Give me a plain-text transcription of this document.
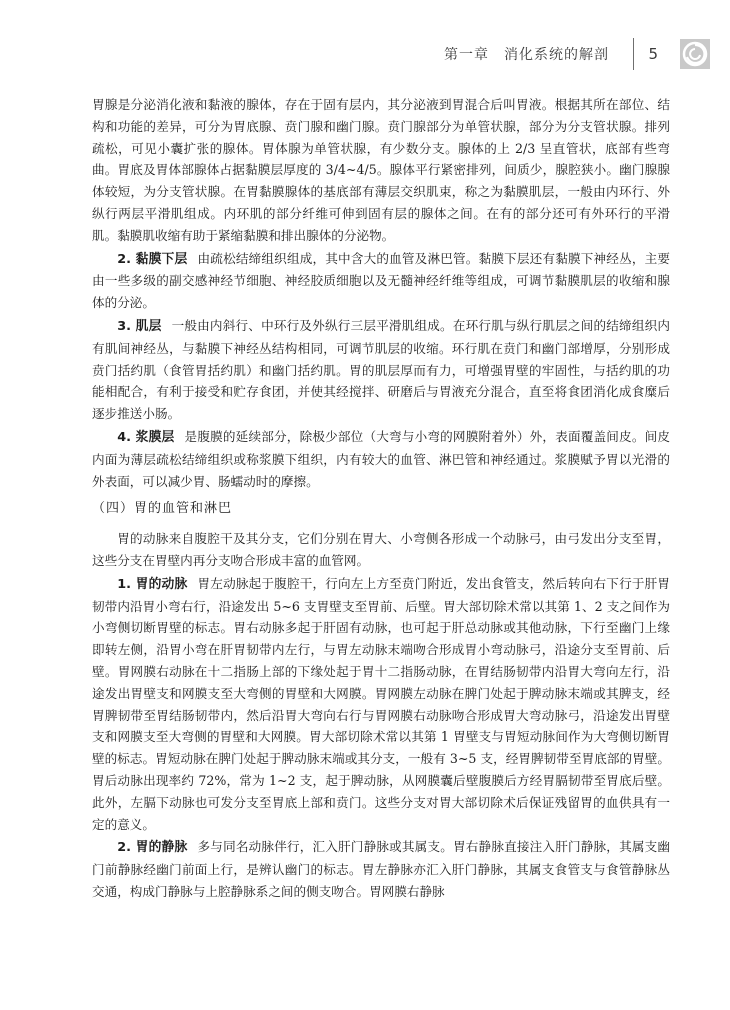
第一章　消化系统的解剖	5

胃腺是分泌消化液和黏液的腺体，存在于固有层内，其分泌液到胃混合后叫胃液。根据其所在部位、结构和功能的差异，可分为胃底腺、贲门腺和幽门腺。贲门腺部分为单管状腺，部分为分支管状腺。排列疏松，可见小囊扩张的腺体。胃体腺为单管状腺，有少数分支。腺体的上 2/3 呈直管状，底部有些弯曲。胃底及胃体部腺体占据黏膜层厚度的 3/4~4/5。腺体平行紧密排列，间质少，腺腔狭小。幽门腺腺体较短，为分支管状腺。在胃黏膜腺体的基底部有薄层交织肌束，称之为黏膜肌层，一般由内环行、外纵行两层平滑肌组成。内环肌的部分纤维可伸到固有层的腺体之间。在有的部分还可有外环行的平滑肌。黏膜肌收缩有助于紧缩黏膜和排出腺体的分泌物。

2. 黏膜下层 由疏松结缔组织组成，其中含大的血管及淋巴管。黏膜下层还有黏膜下神经丛，主要由一些多级的副交感神经节细胞、神经胶质细胞以及无髓神经纤维等组成，可调节黏膜肌层的收缩和腺体的分泌。

3. 肌层 一般由内斜行、中环行及外纵行三层平滑肌组成。在环行肌与纵行肌层之间的结缔组织内有肌间神经丛，与黏膜下神经丛结构相同，可调节肌层的收缩。环行肌在贲门和幽门部增厚，分别形成贲门括约肌（食管胃括约肌）和幽门括约肌。胃的肌层厚而有力，可增强胃壁的牢固性，与括约肌的功能相配合，有利于接受和贮存食团，并使其经搅拌、研磨后与胃液充分混合，直至将食团消化成食糜后逐步推送小肠。

4. 浆膜层 是腹膜的延续部分，除极少部位（大弯与小弯的网膜附着外）外，表面覆盖间皮。间皮内面为薄层疏松结缔组织或称浆膜下组织，内有较大的血管、淋巴管和神经通过。浆膜赋予胃以光滑的外表面，可以减少胃、肠蠕动时的摩擦。

（四）胃的血管和淋巴

胃的动脉来自腹腔干及其分支，它们分别在胃大、小弯侧各形成一个动脉弓，由弓发出分支至胃，这些分支在胃壁内再分支吻合形成丰富的血管网。

1. 胃的动脉 胃左动脉起于腹腔干，行向左上方至贲门附近，发出食管支，然后转向右下行于肝胃韧带内沿胃小弯右行，沿途发出 5~6 支胃壁支至胃前、后壁。胃大部切除术常以其第 1、2 支之间作为小弯侧切断胃壁的标志。胃右动脉多起于肝固有动脉，也可起于肝总动脉或其他动脉，下行至幽门上缘即转左侧，沿胃小弯在肝胃韧带内左行，与胃左动脉末端吻合形成胃小弯动脉弓，沿途分支至胃前、后壁。胃网膜右动脉在十二指肠上部的下缘处起于胃十二指肠动脉，在胃结肠韧带内沿胃大弯向左行，沿途发出胃壁支和网膜支至大弯侧的胃壁和大网膜。胃网膜左动脉在脾门处起于脾动脉末端或其脾支，经胃脾韧带至胃结肠韧带内，然后沿胃大弯向右行与胃网膜右动脉吻合形成胃大弯动脉弓，沿途发出胃壁支和网膜支至大弯侧的胃壁和大网膜。胃大部切除术常以其第 1 胃壁支与胃短动脉间作为大弯侧切断胃壁的标志。胃短动脉在脾门处起于脾动脉末端或其分支，一般有 3~5 支，经胃脾韧带至胃底部的胃壁。胃后动脉出现率约 72%，常为 1~2 支，起于脾动脉，从网膜囊后壁腹膜后方经胃膈韧带至胃底后壁。此外，左膈下动脉也可发分支至胃底上部和贲门。这些分支对胃大部切除术后保证残留胃的血供具有一定的意义。

2. 胃的静脉 多与同名动脉伴行，汇入肝门静脉或其属支。胃右静脉直接注入肝门静脉，其属支幽门前静脉经幽门前面上行，是辨认幽门的标志。胃左静脉亦汇入肝门静脉，其属支食管支与食管静脉丛交通，构成门静脉与上腔静脉系之间的侧支吻合。胃网膜右静脉
